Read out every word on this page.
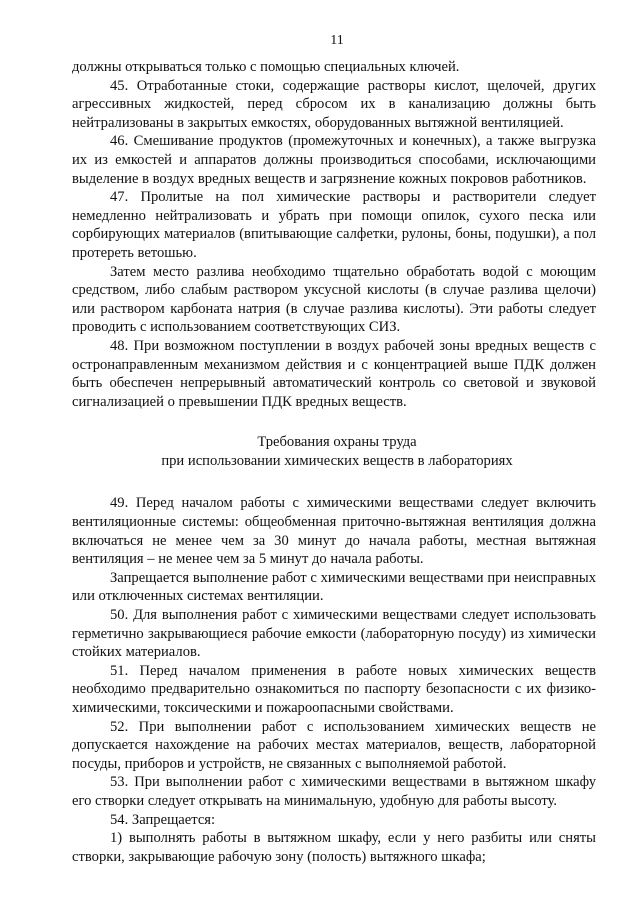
11

должны открываться только с помощью специальных ключей.

45. Отработанные стоки, содержащие растворы кислот, щелочей, других агрессивных жидкостей, перед сбросом их в канализацию должны быть нейтрализованы в закрытых емкостях, оборудованных вытяжной вентиляцией.

46. Смешивание продуктов (промежуточных и конечных), а также выгрузка их из емкостей и аппаратов должны производиться способами, исключающими выделение в воздух вредных веществ и загрязнение кожных покровов работников.

47. Пролитые на пол химические растворы и растворители следует немедленно нейтрализовать и убрать при помощи опилок, сухого песка или сорбирующих материалов (впитывающие салфетки, рулоны, боны, подушки), а пол протереть ветошью.

Затем место разлива необходимо тщательно обработать водой с моющим средством, либо слабым раствором уксусной кислоты (в случае разлива щелочи) или раствором карбоната натрия (в случае разлива кислоты). Эти работы следует проводить с использованием соответствующих СИЗ.

48. При возможном поступлении в воздух рабочей зоны вредных веществ с остронаправленным механизмом действия и с концентрацией выше ПДК должен быть обеспечен непрерывный автоматический контроль со световой и звуковой сигнализацией о превышении ПДК вредных веществ.

Требования охраны труда
при использовании химических веществ в лабораториях

49. Перед началом работы с химическими веществами следует включить вентиляционные системы: общеобменная приточно-вытяжная вентиляция должна включаться не менее чем за 30 минут до начала работы, местная вытяжная вентиляция – не менее чем за 5 минут до начала работы.

Запрещается выполнение работ с химическими веществами при неисправных или отключенных системах вентиляции.

50. Для выполнения работ с химическими веществами следует использовать герметично закрывающиеся рабочие емкости (лабораторную посуду) из химически стойких материалов.

51. Перед началом применения в работе новых химических веществ необходимо предварительно ознакомиться по паспорту безопасности с их физико-химическими, токсическими и пожароопасными свойствами.

52. При выполнении работ с использованием химических веществ не допускается нахождение на рабочих местах материалов, веществ, лабораторной посуды, приборов и устройств, не связанных с выполняемой работой.

53. При выполнении работ с химическими веществами в вытяжном шкафу его створки следует открывать на минимальную, удобную для работы высоту.

54. Запрещается:

1) выполнять работы в вытяжном шкафу, если у него разбиты или сняты створки, закрывающие рабочую зону (полость) вытяжного шкафа;
